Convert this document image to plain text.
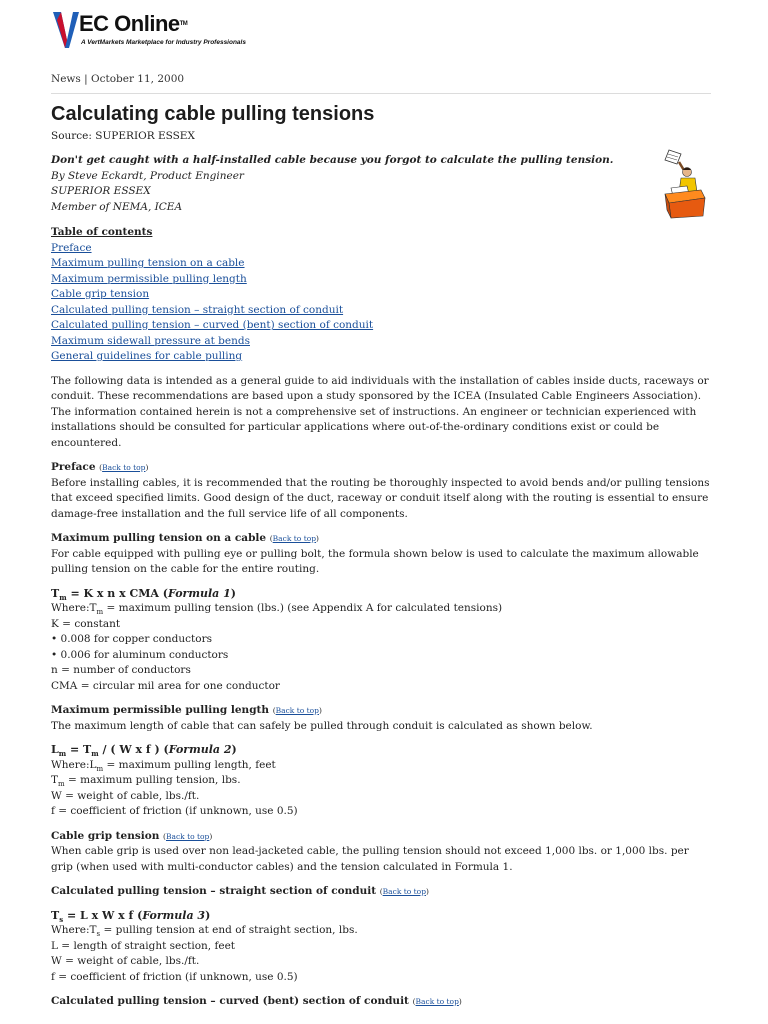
EC OnlineTM
A VertMarkets Marketplace for Industry Professionals
News | October 11, 2000
Calculating cable pulling tensions
Source: SUPERIOR ESSEX
Don't get caught with a half-installed cable because you forgot to calculate the pulling tension.
By Steve Eckardt, Product Engineer
SUPERIOR ESSEX
Member of NEMA, ICEA
Table of contents
Preface
Maximum pulling tension on a cable
Maximum permissible pulling length
Cable grip tension
Calculated pulling tension – straight section of conduit
Calculated pulling tension – curved (bent) section of conduit
Maximum sidewall pressure at bends
General guidelines for cable pulling

The following data is intended as a general guide to aid individuals with the installation of cables inside ducts, raceways or conduit. These recommendations are based upon a study sponsored by the ICEA (Insulated Cable Engineers Association). The information contained herein is not a comprehensive set of instructions. An engineer or technician experienced with installations should be consulted for particular applications where out-of-the-ordinary conditions exist or could be encountered.

Preface (Back to top)

Before installing cables, it is recommended that the routing be thoroughly inspected to avoid bends and/or pulling tensions that exceed specified limits. Good design of the duct, raceway or conduit itself along with the routing is essential to ensure damage-free installation and the full service life of all components.

Maximum pulling tension on a cable (Back to top)

For cable equipped with pulling eye or pulling bolt, the formula shown below is used to calculate the maximum allowable pulling tension on the cable for the entire routing.

$T_m = K$ x n x CMA (Formula 1)
$Where:T_m$ = maximum pulling tension (lbs.) (see Appendix A for calculated tensions)
K = constant
• 0.008 for copper conductors
• 0.006 for aluminum conductors
n = number of conductors
CMA = circular mil area for one conductor
Maximum permissible pulling length (Back to top)

The maximum length of cable that can safely be pulled through conduit is calculated as shown below.

$L_m = T_m$ / ( W x f ) (Formula 2)
$Where:L_m$ = maximum pulling length, feet
$T_m$ = maximum pulling tension, lbs.
W = weight of cable, lbs./ft.
f = coefficient of friction (if unknown, use 0.5)
Cable grip tension (Back to top)

When cable grip is used over non lead-jacketed cable, the pulling tension should not exceed 1,000 lbs. or 1,000 lbs. per grip (when used with multi-conductor cables) and the tension calculated in Formula 1.

Calculated pulling tension – straight section of conduit (Back to top)
$T_s = L$ x W x f (Formula 3)
$Where:T_s$ = pulling tension at end of straight section, lbs.
L = length of straight section, feet
W = weight of cable, lbs./ft.
f = coefficient of friction (if unknown, use 0.5)
Calculated pulling tension – curved (bent) section of conduit (Back to top)
